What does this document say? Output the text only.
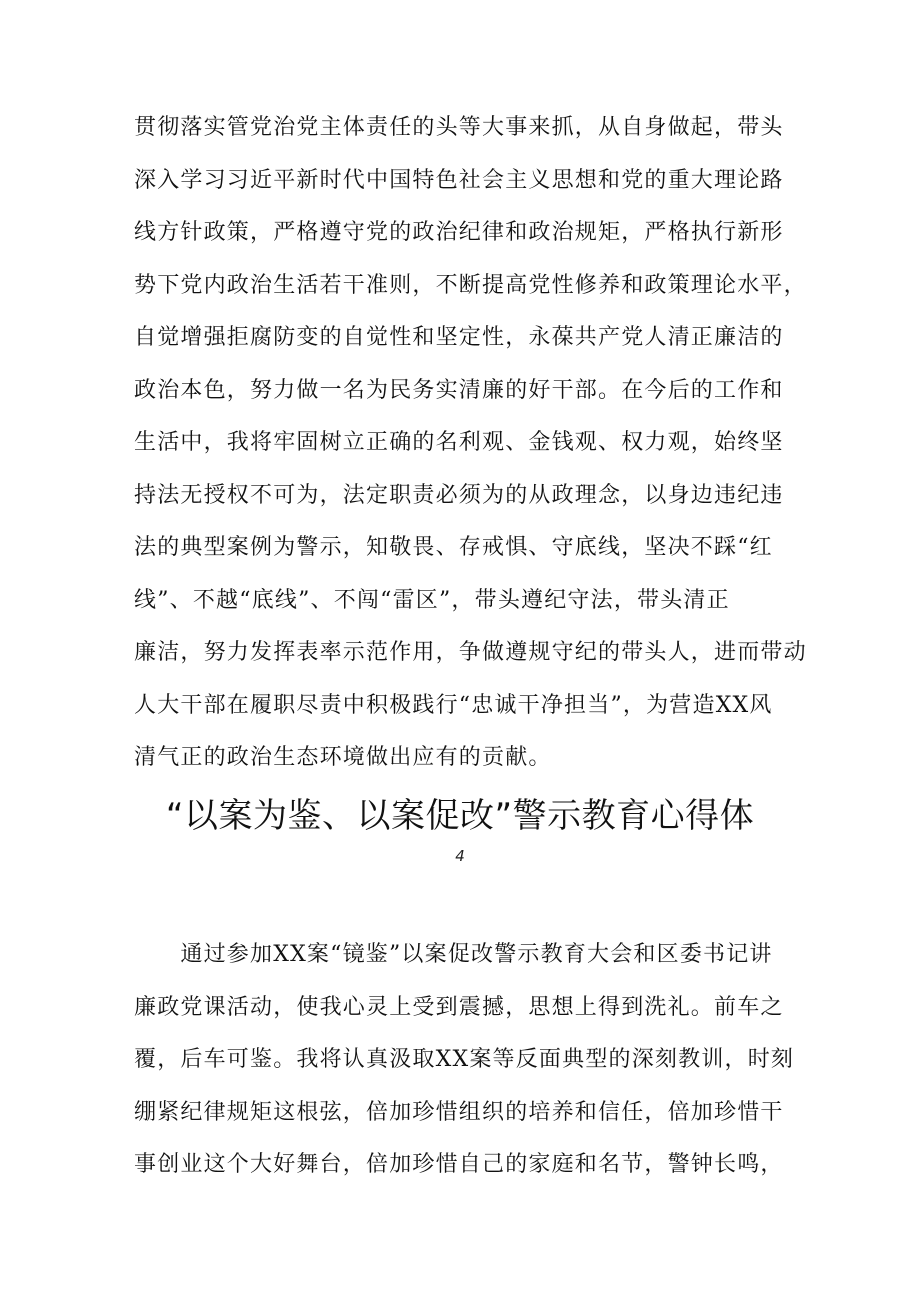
贯彻落实管党治党主体责任的头等大事来抓，从自身做起，带头
深入学习习近平新时代中国特色社会主义思想和党的重大理论路
线方针政策，严格遵守党的政治纪律和政治规矩，严格执行新形
势下党内政治生活若干准则，不断提高党性修养和政策理论水平，
自觉增强拒腐防变的自觉性和坚定性，永葆共产党人清正廉洁的
政治本色，努力做一名为民务实清廉的好干部。在今后的工作和
生活中，我将牢固树立正确的名利观、金钱观、权力观，始终坚
持法无授权不可为，法定职责必须为的从政理念，以身边违纪违
法的典型案例为警示，知敬畏、存戒惧、守底线，坚决不踩“红
线”、不越“底线”、不闯“雷区”，带头遵纪守法，带头清正
廉洁，努力发挥表率示范作用，争做遵规守纪的带头人，进而带动
人大干部在履职尽责中积极践行“忠诚干净担当”，为营造XX风
清气正的政治生态环境做出应有的贡献。
“以案为鉴、以案促改”警示教育心得体
4
　　通过参加XX案“镜鉴”以案促改警示教育大会和区委书记讲
廉政党课活动，使我心灵上受到震撼，思想上得到洗礼。前车之
覆，后车可鉴。我将认真汲取XX案等反面典型的深刻教训，时刻
绷紧纪律规矩这根弦，倍加珍惜组织的培养和信任，倍加珍惜干
事创业这个大好舞台，倍加珍惜自己的家庭和名节，警钟长鸣，
